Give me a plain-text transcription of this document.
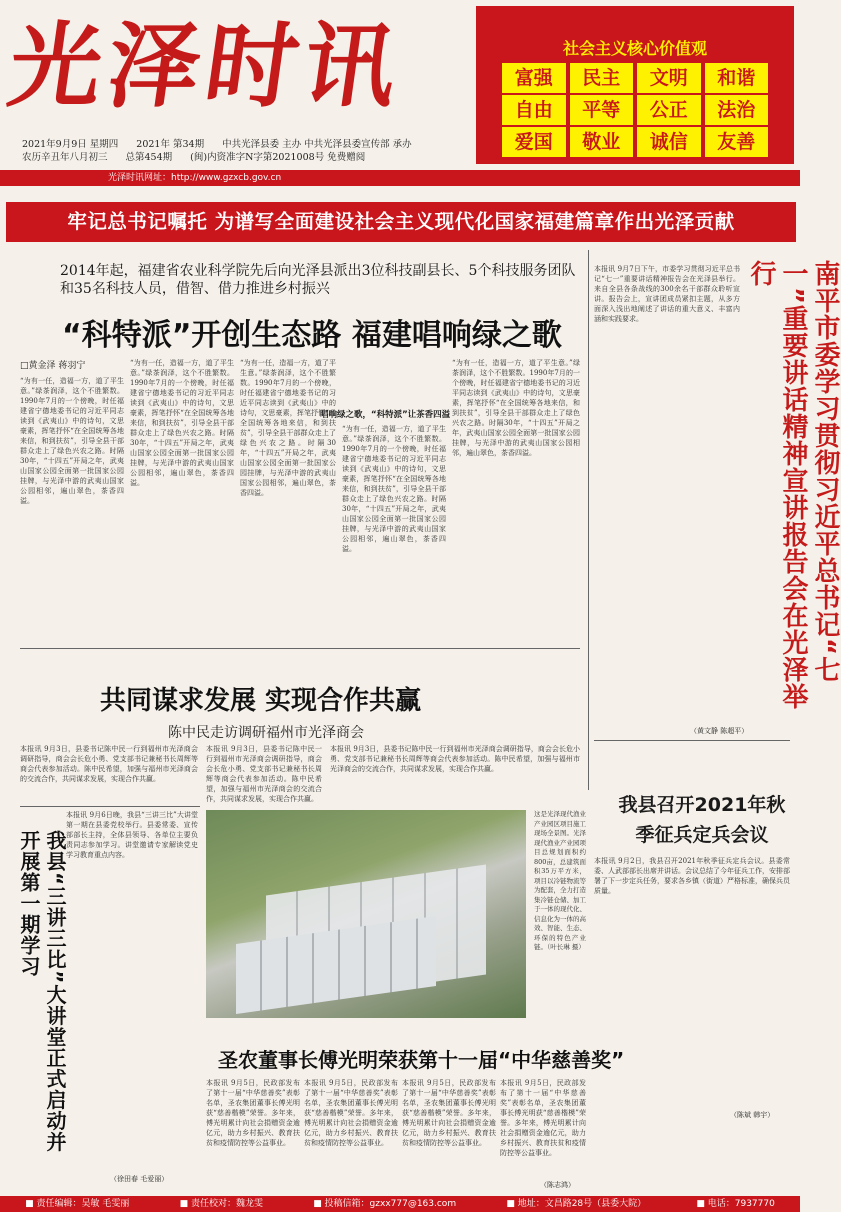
光泽时讯
2021年9月9日 星期四 2021年 第34期 中共光泽县委 主办 中共光泽县委宣传部 承办
农历辛丑年八月初三 总第454期 (闽)内资准字N字第2021008号 免费赠阅
社会主义核心价值观
富强	民主	文明	和谐
自由	平等	公正	法治
爱国	敬业	诚信	友善
光泽时讯网址：http://www.gzxcb.gov.cn
牢记总书记嘱托 为谱写全面建设社会主义现代化国家福建篇章作出光泽贡献
2014年起，福建省农业科学院先后向光泽县派出3位科技副县长、5个科技服务团队和35名科技人员，借智、借力推进乡村振兴
“科特派”开创生态路 福建唱响绿之歌
□黄金泽 蒋羽宁
“为有一任，造福一方，道了平生意。”绿茶润泽，这个不胜繁数。1990年7月的一个傍晚，时任福建省宁德地委书记的习近平同志读到《武夷山》中的诗句，文思豪素，挥笔抒怀“在全国统筹各地来信，和到扶贫”，引导全县干部群众走上了绿色兴农之路。时隔30年，“十四五”开局之年，武夷山国家公园全面第一批国家公园挂牌，与光泽中游的武夷山国家公园相邻，遍山翠色，茶香四溢。
“为有一任，造福一方，道了平生意。”绿茶润泽，这个不胜繁数。1990年7月的一个傍晚，时任福建省宁德地委书记的习近平同志读到《武夷山》中的诗句，文思豪素，挥笔抒怀“在全国统筹各地来信，和到扶贫”，引导全县干部群众走上了绿色兴农之路。时隔30年，“十四五”开局之年，武夷山国家公园全面第一批国家公园挂牌，与光泽中游的武夷山国家公园相邻，遍山翠色，茶香四溢。
“为有一任，造福一方，道了平生意。”绿茶润泽，这个不胜繁数。1990年7月的一个傍晚，时任福建省宁德地委书记的习近平同志读到《武夷山》中的诗句，文思豪素，挥笔抒怀“在全国统筹各地来信，和到扶贫”，引导全县干部群众走上了绿色兴农之路。时隔30年，“十四五”开局之年，武夷山国家公园全面第一批国家公园挂牌，与光泽中游的武夷山国家公园相邻，遍山翠色，茶香四溢。
唱响绿之歌，“科特派”让茶香四溢
“为有一任，造福一方，道了平生意。”绿茶润泽，这个不胜繁数。1990年7月的一个傍晚，时任福建省宁德地委书记的习近平同志读到《武夷山》中的诗句，文思豪素，挥笔抒怀“在全国统筹各地来信，和到扶贫”，引导全县干部群众走上了绿色兴农之路。时隔30年，“十四五”开局之年，武夷山国家公园全面第一批国家公园挂牌，与光泽中游的武夷山国家公园相邻，遍山翠色，茶香四溢。
“为有一任，造福一方，道了平生意。”绿茶润泽，这个不胜繁数。1990年7月的一个傍晚，时任福建省宁德地委书记的习近平同志读到《武夷山》中的诗句，文思豪素，挥笔抒怀“在全国统筹各地来信，和到扶贫”，引导全县干部群众走上了绿色兴农之路。时隔30年，“十四五”开局之年，武夷山国家公园全面第一批国家公园挂牌，与光泽中游的武夷山国家公园相邻，遍山翠色，茶香四溢。	南平市委学习贯彻习近平总书记“七一”重要讲话精神宣讲报告会在光泽举行
本报讯 9月7日下午，市委学习贯彻习近平总书记“七一”重要讲话精神报告会在光泽县举行。来自全县各条战线的300余名干部群众聆听宣讲。报告会上，宣讲团成员紧扣主题，从多方面深入浅出地阐述了讲话的重大意义、丰富内涵和实践要求。
（黄文静 陈超平）
共同谋求发展 实现合作共赢
陈中民走访调研福州市光泽商会
本报讯 9月3日，县委书记陈中民一行到福州市光泽商会调研指导，商会会长危小勇、党支部书记兼秘书长周辉等商会代表参加活动。陈中民希望，加强与福州市光泽商会的交流合作，共同谋求发展，实现合作共赢。
本报讯 9月3日，县委书记陈中民一行到福州市光泽商会调研指导，商会会长危小勇、党支部书记兼秘书长周辉等商会代表参加活动。陈中民希望，加强与福州市光泽商会的交流合作，共同谋求发展，实现合作共赢。
本报讯 9月3日，县委书记陈中民一行到福州市光泽商会调研指导，商会会长危小勇、党支部书记兼秘书长周辉等商会代表参加活动。陈中民希望，加强与福州市光泽商会的交流合作，共同谋求发展，实现合作共赢。
我县召开2021年秋季征兵定兵会议
本报讯 9月2日，我县召开2021年秋季征兵定兵会议。县委常委、人武部部长出席并讲话。会议总结了今年征兵工作，安排部署了下一步定兵任务，要求各乡镇（街道）严格标准，确保兵员质量。
（陈斌 韩宇）
我县“三讲三比”大讲堂正式启动并开展第一期学习
本报讯 9月6日晚，我县“三讲三比”大讲堂第一期在县委党校举行。县委常委、宣传部部长主持，全体县领导、各单位主要负责同志参加学习。讲堂邀请专家解读党史学习教育重点内容。
（徐田春 毛爱丽）
这是光泽现代渔业产业园区项目施工现场全景图。光泽现代渔业产业园项目总规划面积约800亩，总建筑面积35万平方米，项目以冷链物流等为配套，全力打造集冷链仓储、加工于一体的现代化、信息化为一体的高效、智能、生态、环保的特色产业链。（叶长琳 摄）
圣农董事长傅光明荣获第十一届“中华慈善奖”
本报讯 9月5日，民政部发布了第十一届“中华慈善奖”表彰名单，圣农集团董事长傅光明获“慈善楷模”荣誉。多年来，傅光明累计向社会捐赠资金逾亿元，助力乡村振兴、教育扶贫和疫情防控等公益事业。
本报讯 9月5日，民政部发布了第十一届“中华慈善奖”表彰名单，圣农集团董事长傅光明获“慈善楷模”荣誉。多年来，傅光明累计向社会捐赠资金逾亿元，助力乡村振兴、教育扶贫和疫情防控等公益事业。
本报讯 9月5日，民政部发布了第十一届“中华慈善奖”表彰名单，圣农集团董事长傅光明获“慈善楷模”荣誉。多年来，傅光明累计向社会捐赠资金逾亿元，助力乡村振兴、教育扶贫和疫情防控等公益事业。
本报讯 9月5日，民政部发布了第十一届“中华慈善奖”表彰名单，圣农集团董事长傅光明获“慈善楷模”荣誉。多年来，傅光明累计向社会捐赠资金逾亿元，助力乡村振兴、教育扶贫和疫情防控等公益事业。
（陈志鸿）
■ 责任编辑：吴敏 毛雯丽	■ 责任校对：魏龙雯	■ 投稿信箱：gzxx777@163.com	■ 地址：文昌路28号（县委大院）	■ 电话：7937770
